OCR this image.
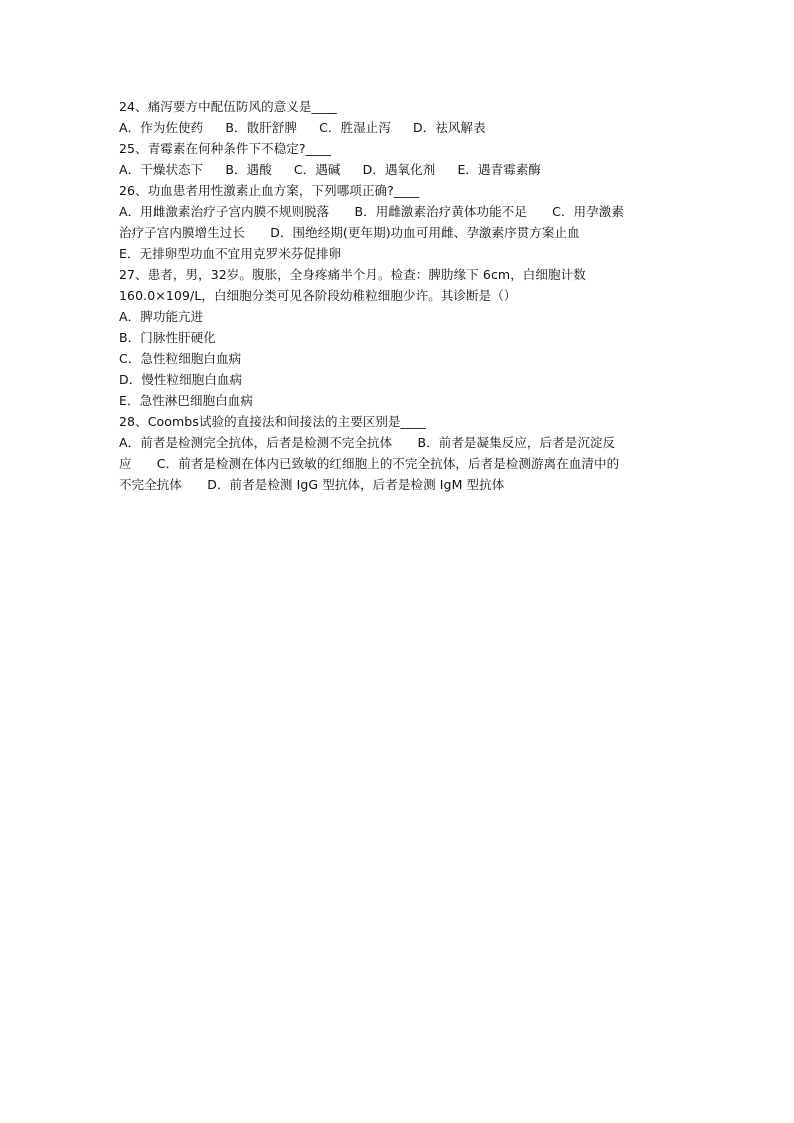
24、痛泻要方中配伍防风的意义是____
A．作为佐使药 B．散肝舒脾 C．胜湿止泻 D．祛风解表
25、青霉素在何种条件下不稳定?____
A．干燥状态下 B．遇酸 C．遇碱 D．遇氧化剂 E．遇青霉素酶
26、功血患者用性激素止血方案，下列哪项正确?____
A．用雌激素治疗子宫内膜不规则脱落　　B．用雌激素治疗黄体功能不足　　C．用孕激素
治疗子宫内膜增生过长　　D．围绝经期(更年期)功血可用雌、孕激素序贯方案止血
E．无排卵型功血不宜用克罗米芬促排卵
27、患者，男，32岁。腹胀，全身疼痛半个月。检查：脾肋缘下 6cm，白细胞计数
160.0×109/L，白细胞分类可见各阶段幼稚粒细胞少许。其诊断是（）
A．脾功能亢进
B．门脉性肝硬化
C．急性粒细胞白血病
D．慢性粒细胞白血病
E．急性淋巴细胞白血病
28、Coombs试验的直接法和间接法的主要区别是____
A．前者是检测完全抗体，后者是检测不完全抗体　　B．前者是凝集反应，后者是沉淀反
应　　C．前者是检测在体内已致敏的红细胞上的不完全抗体，后者是检测游离在血清中的
不完全抗体　　D．前者是检测 IgG 型抗体，后者是检测 IgM 型抗体
